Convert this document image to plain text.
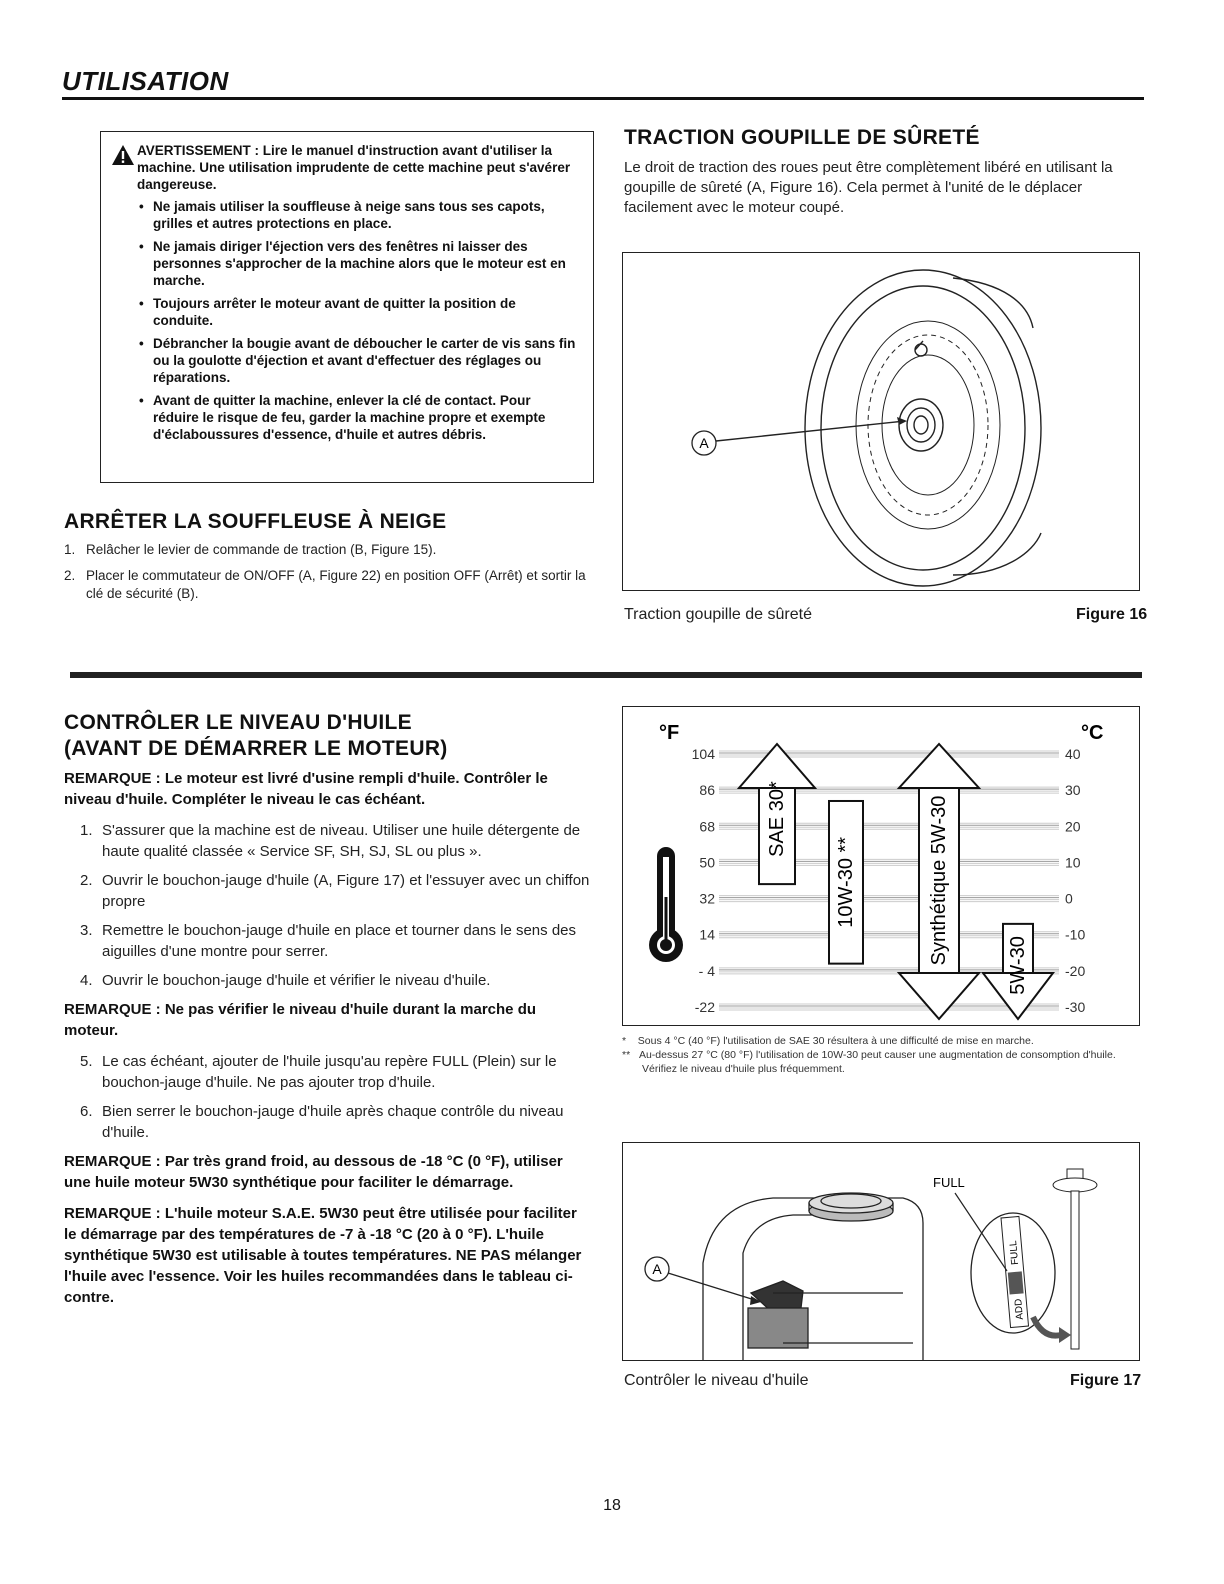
UTILISATION
AVERTISSEMENT : Lire le manuel d'instruction avant d'utiliser la machine. Une utilisation imprudente de cette machine peut s'avérer dangereuse.
• Ne jamais utiliser la souffleuse à neige sans tous ses capots, grilles et autres protections en place.
• Ne jamais diriger l'éjection vers des fenêtres ni laisser des personnes s'approcher de la machine alors que le moteur est en marche.
• Toujours arrêter le moteur avant de quitter la position de conduite.
• Débrancher la bougie avant de déboucher le carter de vis sans fin ou la goulotte d'éjection et avant d'effectuer des réglages ou réparations.
• Avant de quitter la machine, enlever la clé de contact. Pour réduire le risque de feu, garder la machine propre et exempte d'éclaboussures d'essence, d'huile et autres débris.
ARRÊTER LA SOUFFLEUSE À NEIGE
1. Relâcher le levier de commande de traction (B, Figure 15).
2. Placer le commutateur de ON/OFF (A, Figure 22) en position OFF (Arrêt) et sortir la clé de sécurité (B).
TRACTION GOUPILLE DE SÛRETÉ
Le droit de traction des roues peut être complètement libéré en utilisant la goupille de sûreté (A, Figure 16). Cela permet à l'unité de le déplacer facilement avec le moteur coupé.
A
Traction goupille de sûreté	Figure 16
CONTRÔLER LE NIVEAU D'HUILE
(AVANT DE DÉMARRER LE MOTEUR)
REMARQUE : Le moteur est livré d'usine rempli d'huile. Contrôler le niveau d'huile. Compléter le niveau le cas échéant.
1. S'assurer que la machine est de niveau. Utiliser une huile détergente de haute qualité classée « Service SF, SH, SJ, SL ou plus ».
2. Ouvrir le bouchon-jauge d'huile (A, Figure 17) et l'essuyer avec un chiffon propre
3. Remettre le bouchon-jauge d'huile en place et tourner dans le sens des aiguilles d'une montre pour serrer.
4. Ouvrir le bouchon-jauge d'huile et vérifier le niveau d'huile.
REMARQUE : Ne pas vérifier le niveau d'huile durant la marche du moteur.
5. Le cas échéant, ajouter de l'huile jusqu'au repère FULL (Plein) sur le bouchon-jauge d'huile. Ne pas ajouter trop d'huile.
6. Bien serrer le bouchon-jauge d'huile après chaque contrôle du niveau d'huile.
REMARQUE : Par très grand froid, au dessous de -18 °C (0 °F), utiliser une huile moteur 5W30 synthétique pour faciliter le démarrage.
REMARQUE : L'huile moteur S.A.E. 5W30 peut être utilisée pour faciliter le démarrage par des températures de -7 à -18 °C (20 à 0 °F). L'huile synthétique 5W30 est utilisable à toutes températures. NE PAS mélanger l'huile avec l'essence. Voir les huiles recommandées dans le tableau ci-contre.
°F	°C
104	40
86	30
68	20
50	10
32	0
14	-10
- 4	-20
-22	-30
SAE 30*
10W-30 **	Synthétique 5W-30
5W-30
* Sous 4 °C (40 °F) l'utilisation de SAE 30 résultera à une difficulté de mise en marche.
** Au-dessus 27 °C (80 °F) l'utilisation de 10W-30 peut causer une augmentation de consomption d'huile. Vérifiez le niveau d'huile plus fréquemment.
A
FULL
ADD
FULL
Contrôler le niveau d'huile	Figure 17
18
